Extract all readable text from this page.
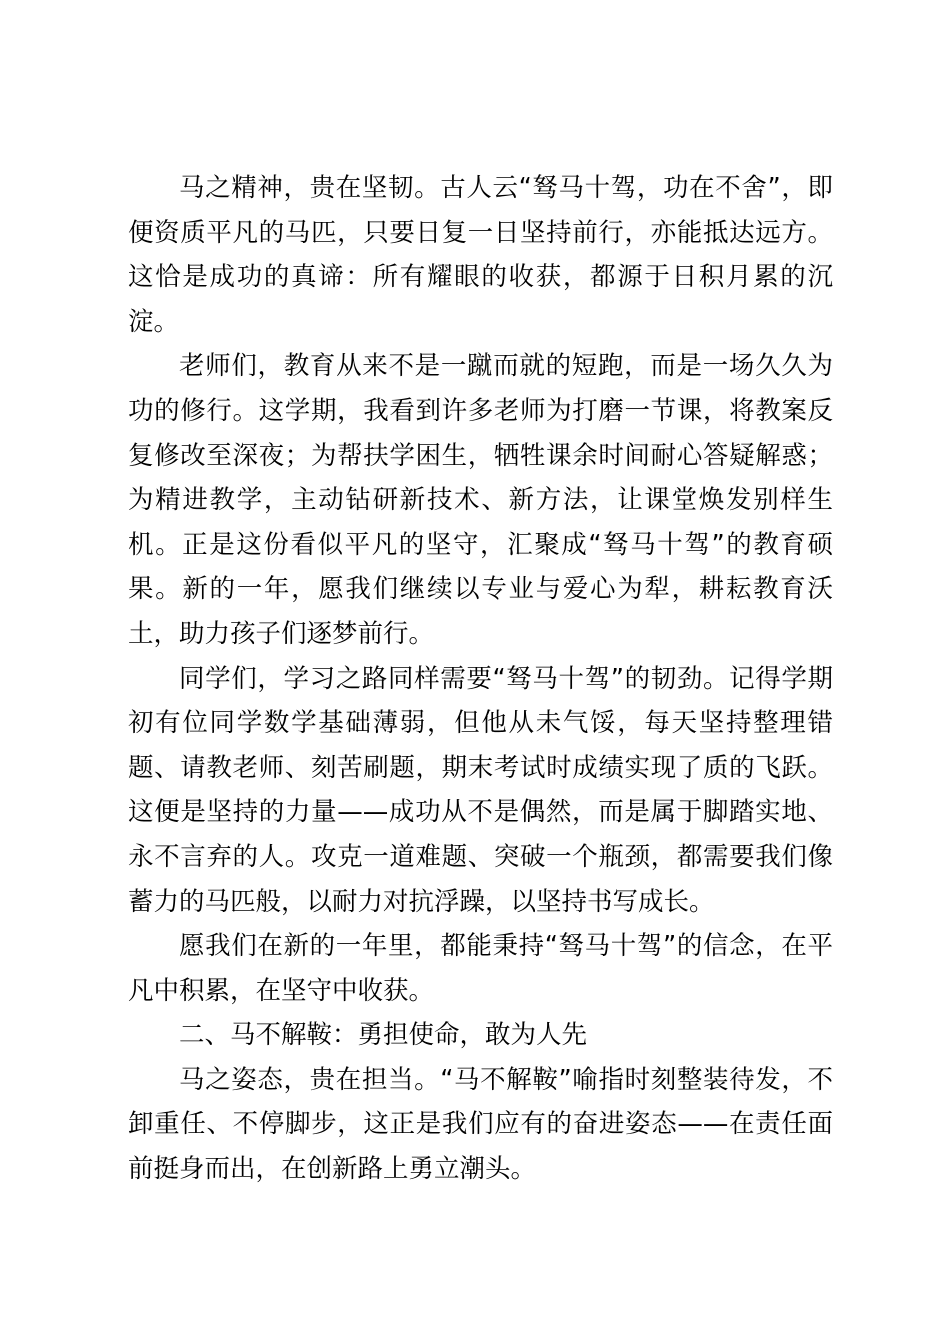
马之精神，贵在坚韧。古人云“驽马十驾，功在不舍”，即便资质平凡的马匹，只要日复一日坚持前行，亦能抵达远方。这恰是成功的真谛：所有耀眼的收获，都源于日积月累的沉淀。

老师们，教育从来不是一蹴而就的短跑，而是一场久久为功的修行。这学期，我看到许多老师为打磨一节课，将教案反复修改至深夜；为帮扶学困生，牺牲课余时间耐心答疑解惑；为精进教学，主动钻研新技术、新方法，让课堂焕发别样生机。正是这份看似平凡的坚守，汇聚成“驽马十驾”的教育硕果。新的一年，愿我们继续以专业与爱心为犁，耕耘教育沃土，助力孩子们逐梦前行。

同学们，学习之路同样需要“驽马十驾”的韧劲。记得学期初有位同学数学基础薄弱，但他从未气馁，每天坚持整理错题、请教老师、刻苦刷题，期末考试时成绩实现了质的飞跃。这便是坚持的力量——成功从不是偶然，而是属于脚踏实地、永不言弃的人。攻克一道难题、突破一个瓶颈，都需要我们像蓄力的马匹般，以耐力对抗浮躁，以坚持书写成长。

愿我们在新的一年里，都能秉持“驽马十驾”的信念，在平凡中积累，在坚守中收获。

二、马不解鞍：勇担使命，敢为人先

马之姿态，贵在担当。“马不解鞍”喻指时刻整装待发，不卸重任、不停脚步，这正是我们应有的奋进姿态——在责任面前挺身而出，在创新路上勇立潮头。
